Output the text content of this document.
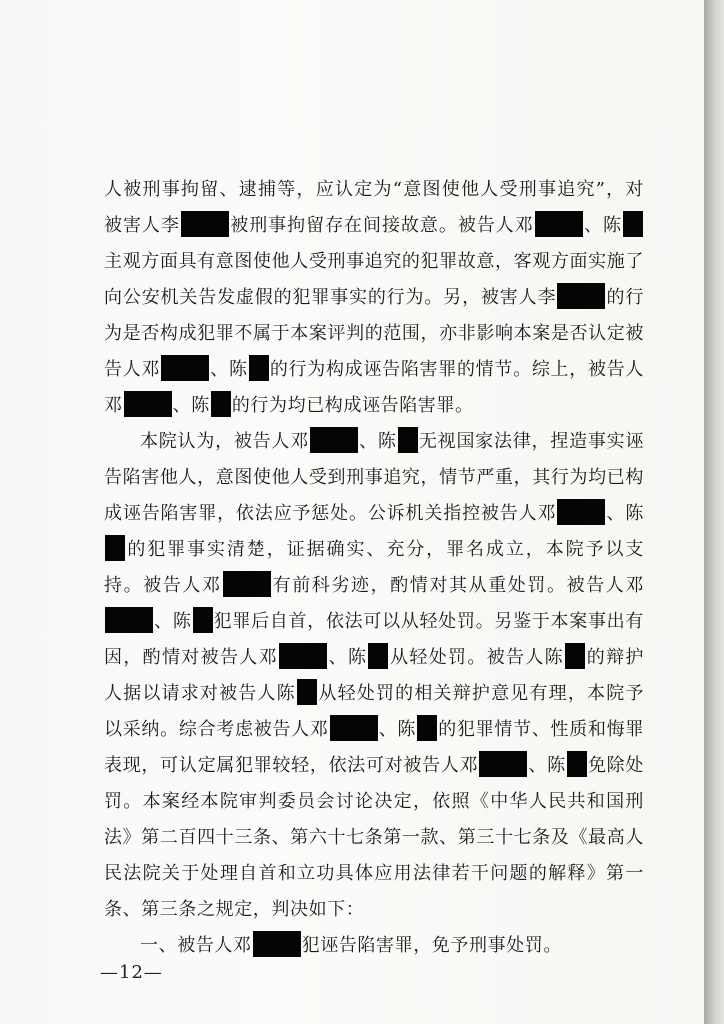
人被刑事拘留、逮捕等，应认定为“意图使他人受刑事追究”，对被害人李	被刑事拘留存在间接故意。被告人邓	、陈主观方面具有意图使他人受刑事追究的犯罪故意，客观方面实施了向公安机关告发虚假的犯罪事实的行为。另，被害人李	的行为是否构成犯罪不属于本案评判的范围，亦非影响本案是否认定被告人邓	、陈 的行为构成诬告陷害罪的情节。综上，被告人邓	、陈 的行为均已构成诬告陷害罪。

本院认为，被告人邓	、陈 无视国家法律，捏造事实诬告陷害他人，意图使他人受到刑事追究，情节严重，其行为均已构成诬告陷害罪，依法应予惩处。公诉机关指控被告人邓	、陈的犯罪事实清楚，证据确实、充分，罪名成立，本院予以支持。被告人邓	有前科劣迹，酌情对其从重处罚。被告人邓、陈 犯罪后自首，依法可以从轻处罚。另鉴于本案事出有因，酌情对被告人邓	、陈 从轻处罚。被告人陈 的辩护人据以请求对被告人陈 从轻处罚的相关辩护意见有理，本院予以采纳。综合考虑被告人邓	、陈 的犯罪情节、性质和悔罪表现，可认定属犯罪较轻，依法可对被告人邓	、陈 免除处罚。本案经本院审判委员会讨论决定，依照《中华人民共和国刑法》第二百四十三条、第六十七条第一款、第三十七条及《最高人民法院关于处理自首和立功具体应用法律若干问题的解释》第一条、第三条之规定，判决如下：

一、被告人邓	犯诬告陷害罪，免予刑事处罚。

—12—
